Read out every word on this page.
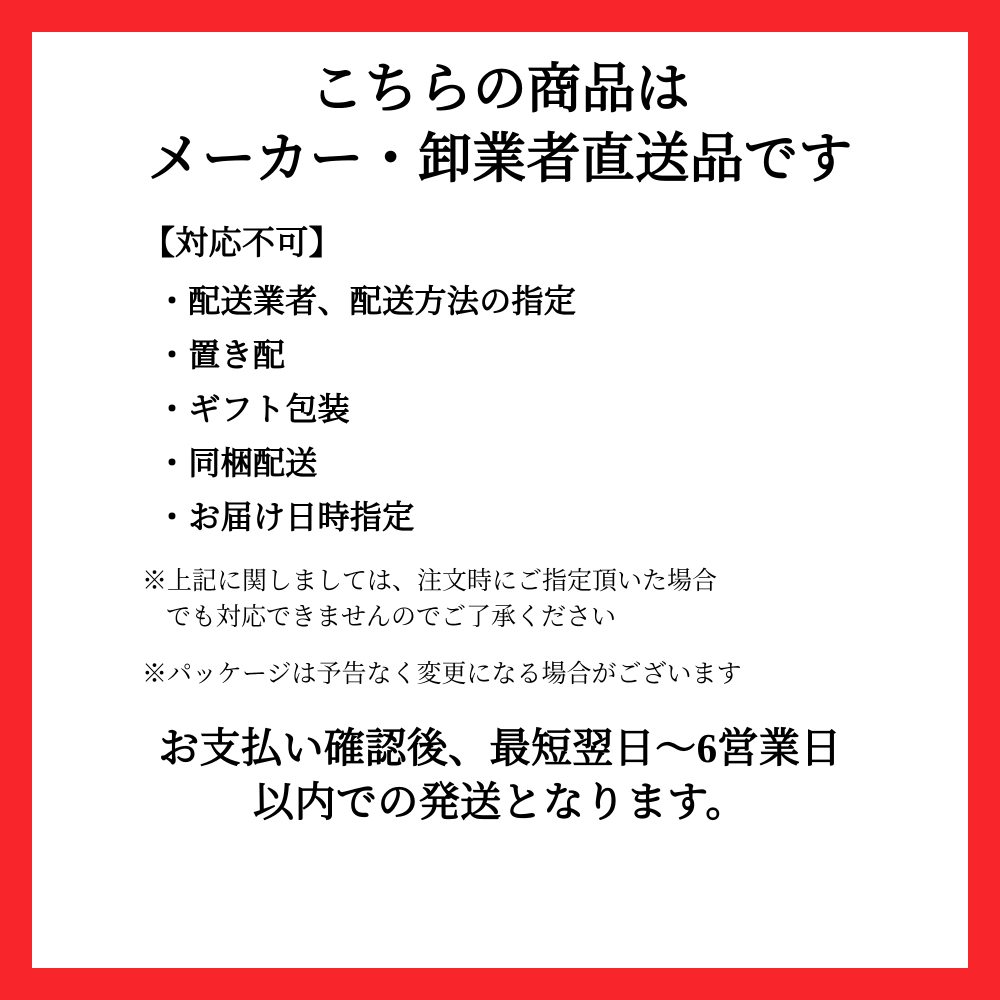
こちらの商品は
メーカー・卸業者直送品です
【対応不可】
・配送業者、配送方法の指定
・置き配
・ギフト包装
・同梱配送
・お届け日時指定
※上記に関しましては、注文時にご指定頂いた場合
でも対応できませんのでご了承ください
※パッケージは予告なく変更になる場合がございます
お支払い確認後、最短翌日〜6営業日
以内での発送となります。
